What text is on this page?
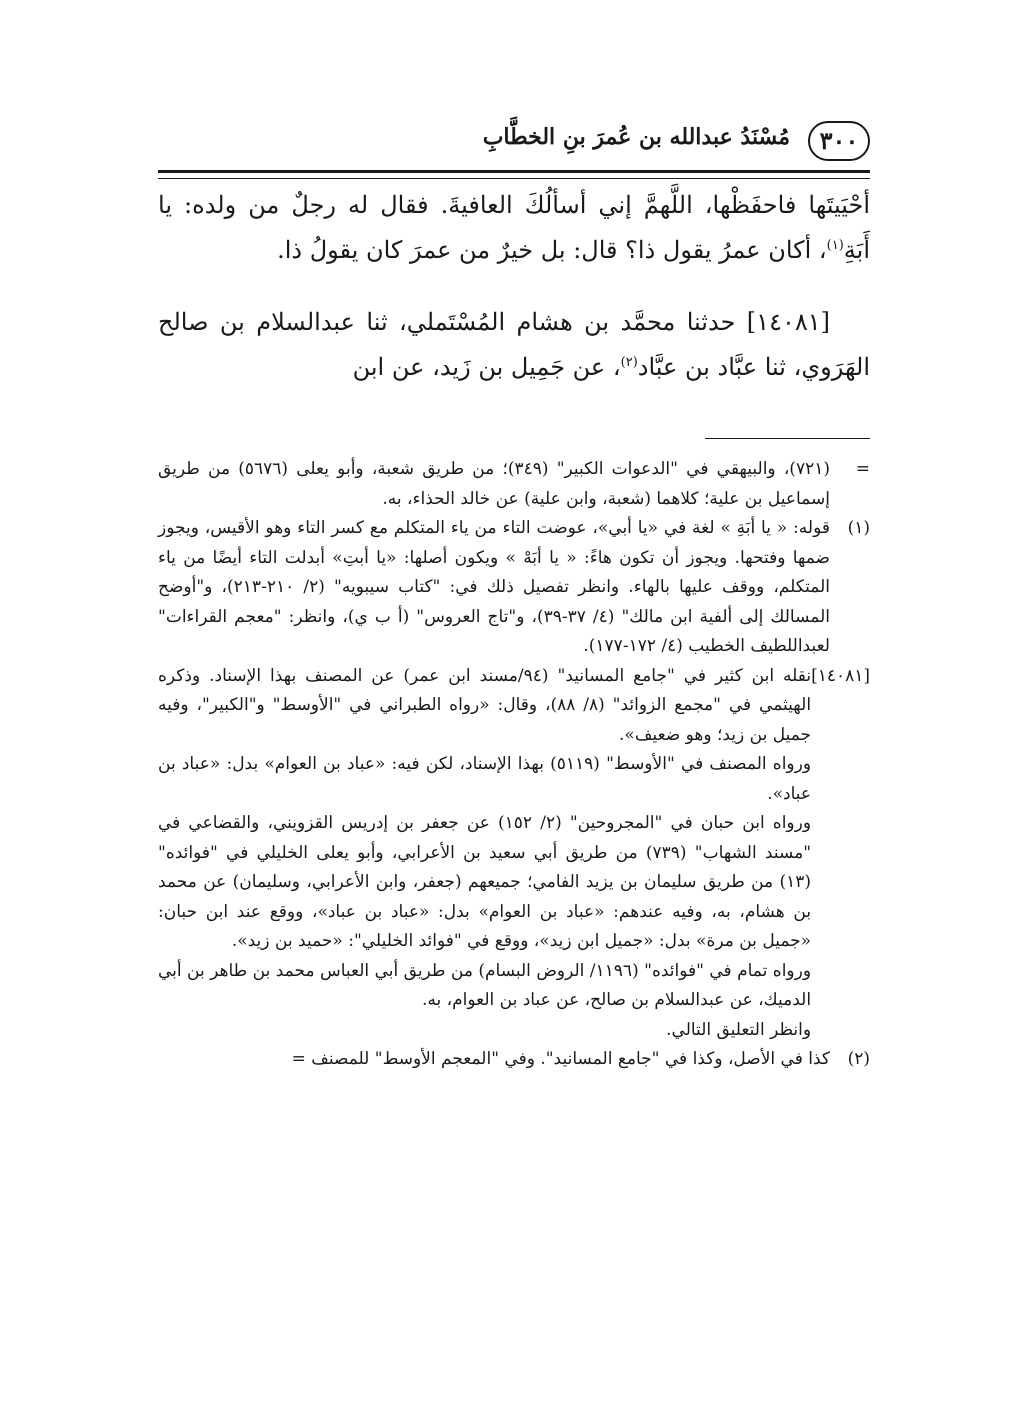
٣٠٠
مُسْنَدُ عبدالله بن عُمرَ بنِ الخطَّابِ

أحْيَيتَها فاحفَظْها، اللَّهمَّ إني أسألُكَ العافيةَ. فقال له رجلٌ من ولده: يا أَبَةِ$^{(١)}$، أكان عمرُ يقول ذا؟ قال: بل خيرٌ من عمرَ كان يقولُ ذا.

[١٤٠٨١] حدثنا محمَّد بن هشام المُسْتَملي، ثنا عبدالسلام بن صالح الهَرَوي، ثنا عبَّاد بن عبَّاد$^{(٢)}$، عن جَمِيل بن زَيد، عن ابن

=
(٧٢١)، والبيهقي في "الدعوات الكبير" (٣٤٩)؛ من طريق شعبة، وأبو يعلى (٥٦٧٦) من طريق إسماعيل بن علية؛ كلاهما (شعبة، وابن علية) عن خالد الحذاء، به.
(١)
قوله: « يا أبَةِ » لغة في «يا أبي»، عوضت التاء من ياء المتكلم مع كسر التاء وهو الأقيس، ويجوز ضمها وفتحها. ويجوز أن تكون هاءً: « يا أبَهْ » ويكون أصلها: «يا أبتِ» أبدلت التاء أيضًا من ياء المتكلم، ووقف عليها بالهاء. وانظر تفصيل ذلك في: "كتاب سيبويه" (٢/ ٢١٠-٢١٣)، و"أوضح المسالك إلى ألفية ابن مالك" (٤/ ٣٧-٣٩)، و"تاج العروس" (أ ب ي)، وانظر: "معجم القراءات" لعبداللطيف الخطيب (٤/ ١٧٢-١٧٧).
[١٤٠٨١]
نقله ابن كثير في "جامع المسانيد" (٩٤/مسند ابن عمر) عن المصنف بهذا الإسناد. وذكره الهيثمي في "مجمع الزوائد" (٨/ ٨٨)، وقال: «رواه الطبراني في "الأوسط" و"الكبير"، وفيه جميل بن زيد؛ وهو ضعيف».
ورواه المصنف في "الأوسط" (٥١١٩) بهذا الإسناد، لكن فيه: «عباد بن العوام» بدل: «عباد بن عباد».
ورواه ابن حبان في "المجروحين" (٢/ ١٥٢) عن جعفر بن إدريس القزويني، والقضاعي في "مسند الشهاب" (٧٣٩) من طريق أبي سعيد بن الأعرابي، وأبو يعلى الخليلي في "فوائده" (١٣) من طريق سليمان بن يزيد الفامي؛ جميعهم (جعفر، وابن الأعرابي، وسليمان) عن محمد بن هشام، به، وفيه عندهم: «عباد بن العوام» بدل: «عباد بن عباد»، ووقع عند ابن حبان: «جميل بن مرة» بدل: «جميل ابن زيد»، ووقع في "فوائد الخليلي": «حميد بن زيد».
ورواه تمام في "فوائده" (١١٩٦/ الروض البسام) من طريق أبي العباس محمد بن طاهر بن أبي الدميك، عن عبدالسلام بن صالح، عن عباد بن العوام، به.
وانظر التعليق التالي.
(٢)
كذا في الأصل، وكذا في "جامع المسانيد". وفي "المعجم الأوسط" للمصنف =
